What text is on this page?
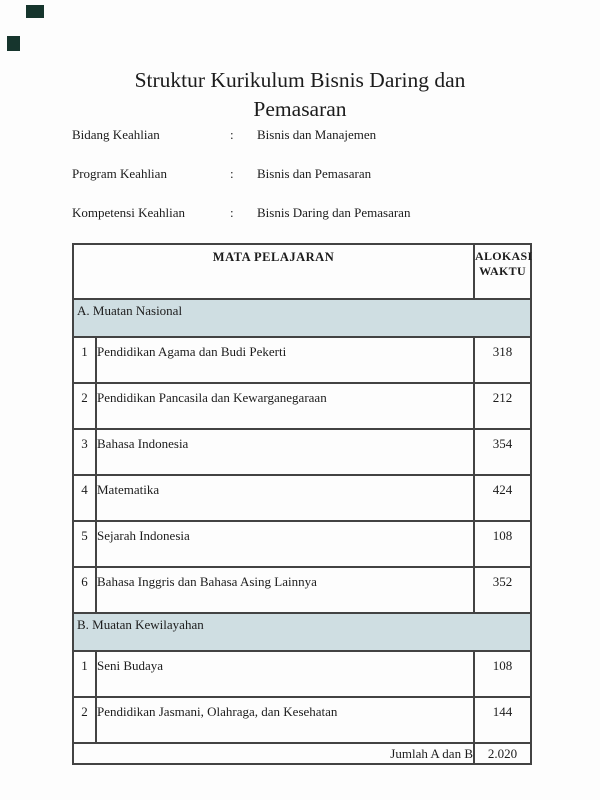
Struktur Kurikulum Bisnis Daring dan
Pemasaran
Bidang Keahlian	:	Bisnis dan Manajemen
Program Keahlian	:	Bisnis dan Pemasaran
Kompetensi Keahlian	:	Bisnis Daring dan Pemasaran
MATA PELAJARAN		ALOKASI WAKTU
A. Muatan Nasional		
1	Pendidikan Agama dan Budi Pekerti	318
2	Pendidikan Pancasila dan Kewarganegaraan	212
3	Bahasa Indonesia	354
4	Matematika	424
5	Sejarah Indonesia	108
6	Bahasa Inggris dan Bahasa Asing Lainnya	352
B. Muatan Kewilayahan		
1	Seni Budaya	108
2	Pendidikan Jasmani, Olahraga, dan Kesehatan	144
Jumlah A dan B		2.020
